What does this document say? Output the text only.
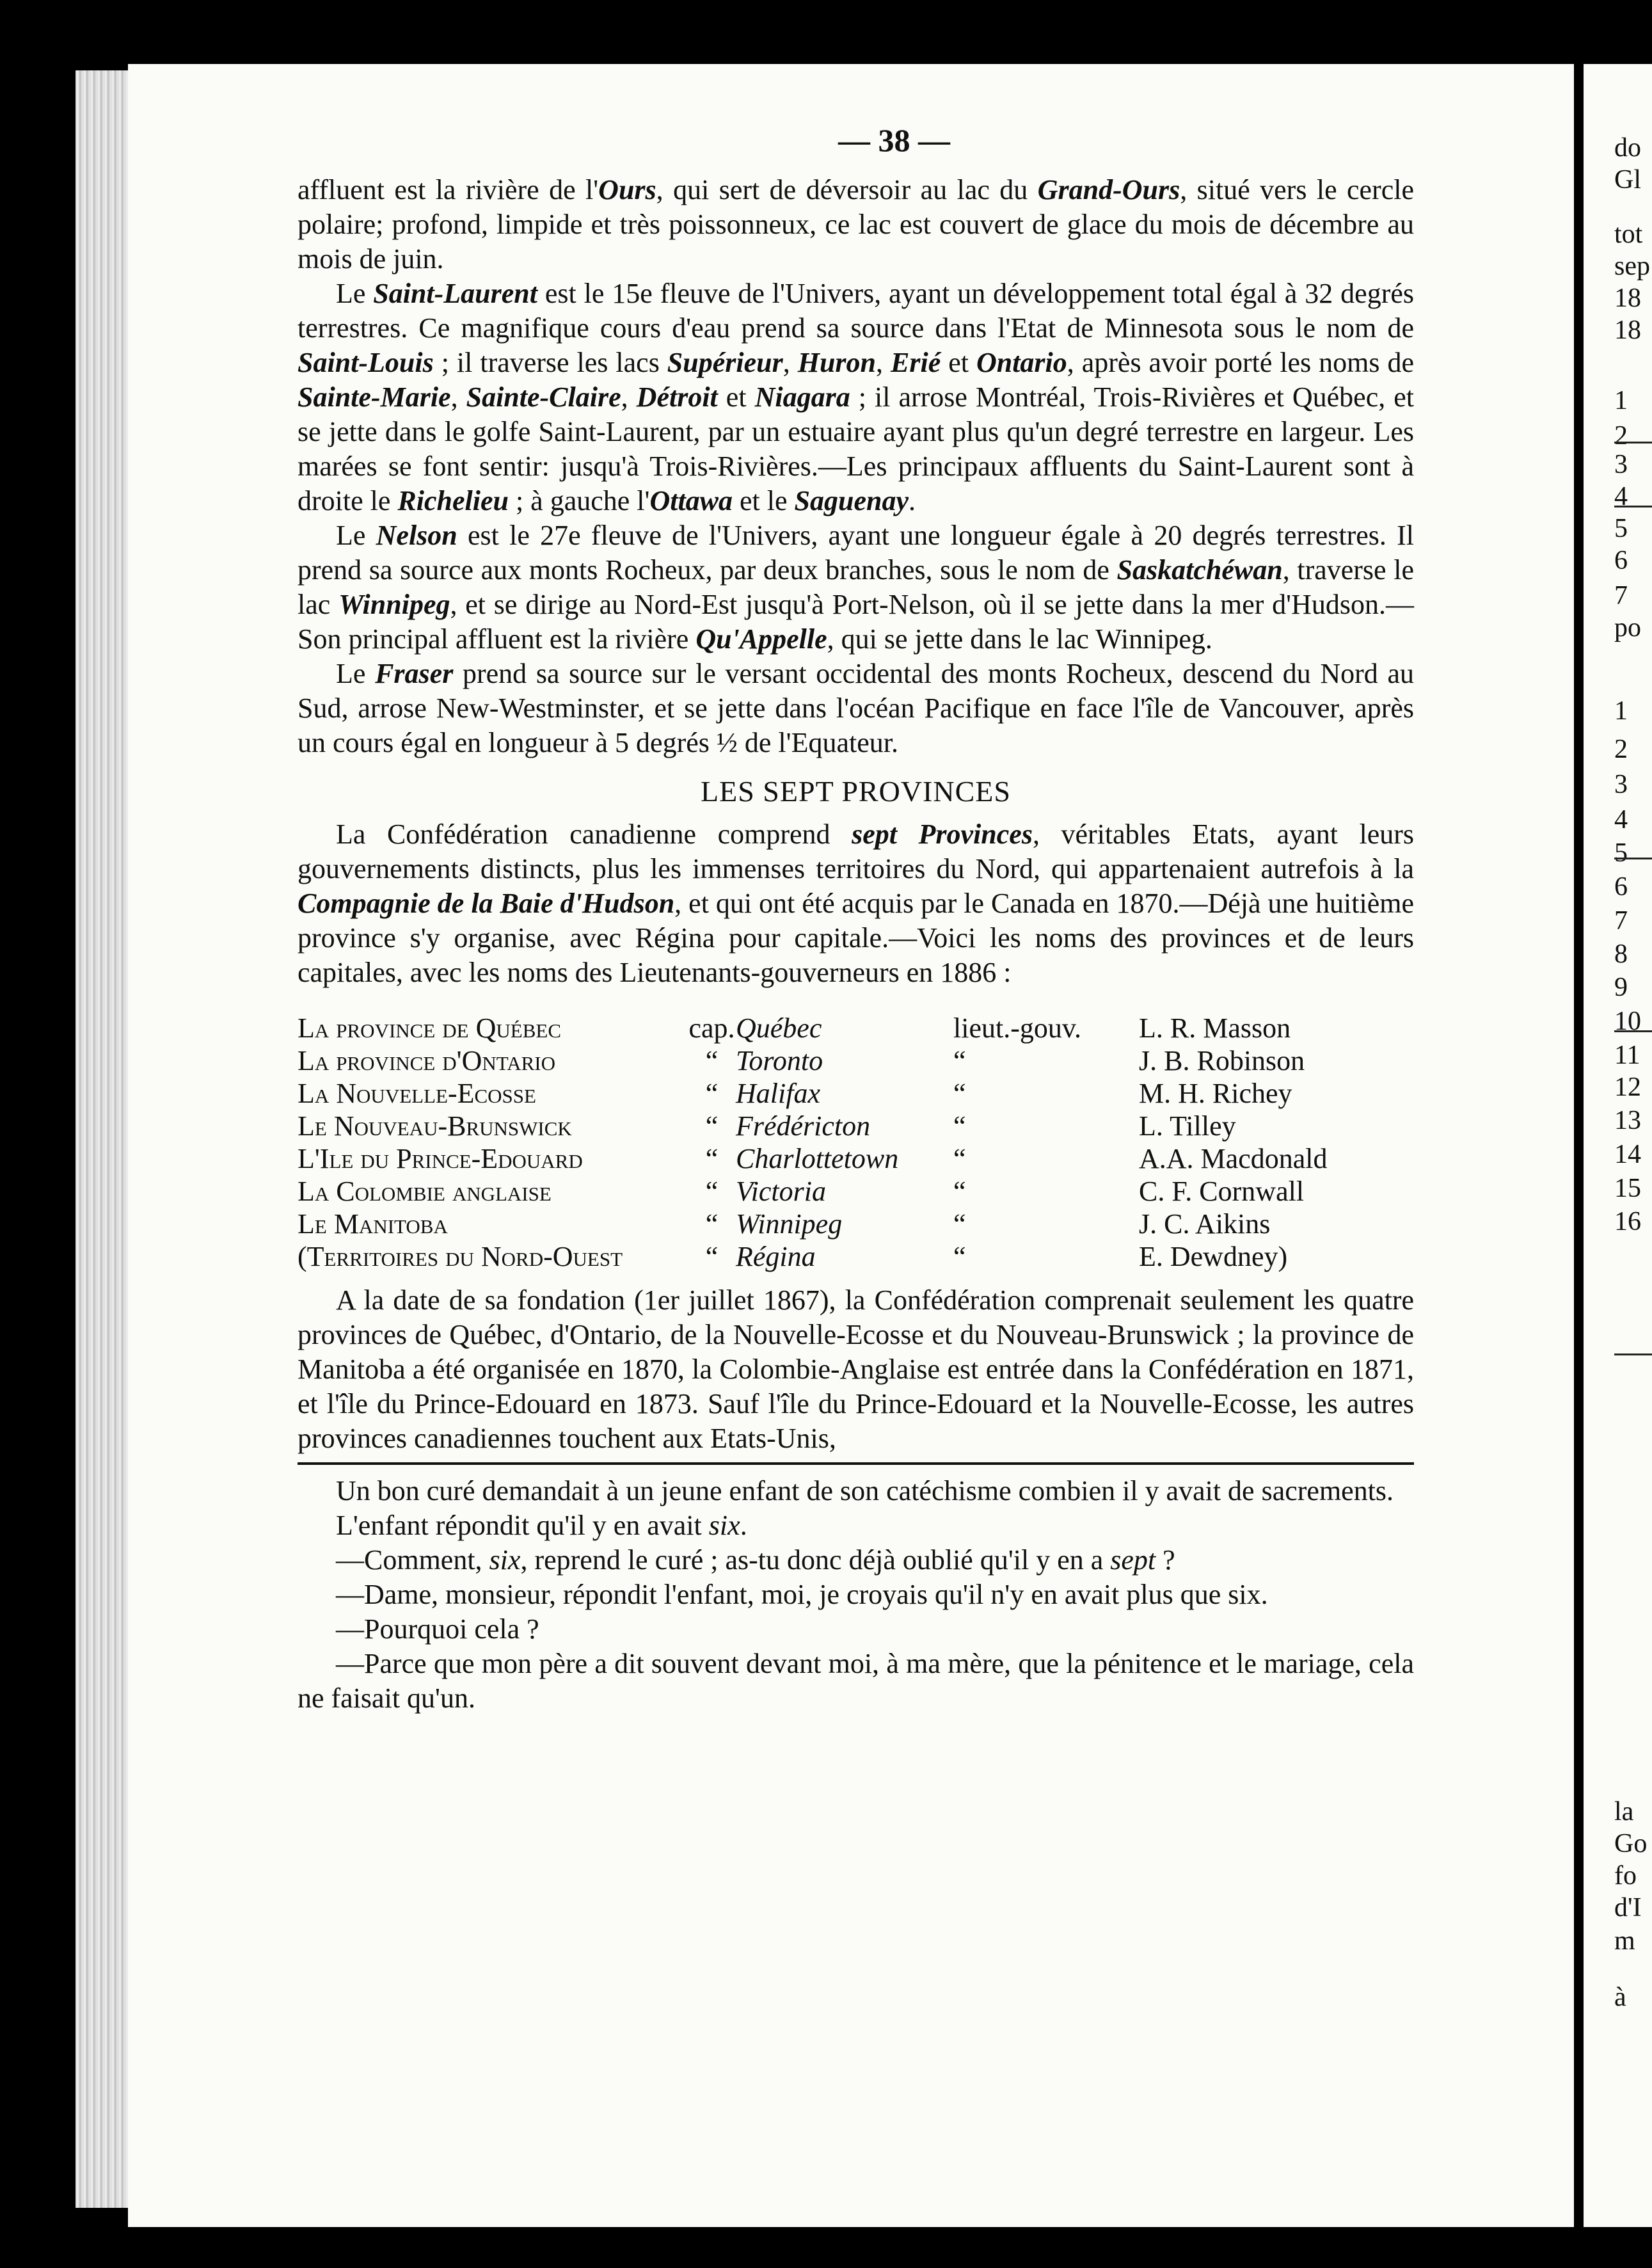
— 38 —

affluent est la rivière de l'Ours, qui sert de déversoir au lac du Grand-Ours, situé vers le cercle polaire; profond, limpide et très poissonneux, ce lac est couvert de glace du mois de décembre au mois de juin.

Le Saint-Laurent est le 15e fleuve de l'Univers, ayant un développement total égal à 32 degrés terrestres. Ce magnifique cours d'eau prend sa source dans l'Etat de Minnesota sous le nom de Saint-Louis ; il traverse les lacs Supérieur, Huron, Erié et Ontario, après avoir porté les noms de Sainte-Marie, Sainte-Claire, Détroit et Niagara ; il arrose Montréal, Trois-Rivières et Québec, et se jette dans le golfe Saint-Laurent, par un estuaire ayant plus qu'un degré terrestre en largeur. Les marées se font sentir: jusqu'à Trois-Rivières.—Les principaux affluents du Saint-Laurent sont à droite le Richelieu ; à gauche l'Ottawa et le Saguenay.

Le Nelson est le 27e fleuve de l'Univers, ayant une longueur égale à 20 degrés terrestres. Il prend sa source aux monts Rocheux, par deux branches, sous le nom de Saskatchéwan, traverse le lac Winnipeg, et se dirige au Nord-Est jusqu'à Port-Nelson, où il se jette dans la mer d'Hudson.—Son principal affluent est la rivière Qu'Appelle, qui se jette dans le lac Winnipeg.

Le Fraser prend sa source sur le versant occidental des monts Rocheux, descend du Nord au Sud, arrose New-Westminster, et se jette dans l'océan Pacifique en face l'île de Vancouver, après un cours égal en longueur à 5 degrés ½ de l'Equateur.

LES SEPT PROVINCES

La Confédération canadienne comprend sept Provinces, véritables Etats, ayant leurs gouvernements distincts, plus les immenses territoires du Nord, qui appartenaient autrefois à la Compagnie de la Baie d'Hudson, et qui ont été acquis par le Canada en 1870.—Déjà une huitième province s'y organise, avec Régina pour capitale.—Voici les noms des provinces et de leurs capitales, avec les noms des Lieutenants-gouverneurs en 1886 :

La province de Québec	cap.	Québec	lieut.-gouv.	L. R. Masson
La province d'Ontario	“	Toronto	“	J. B. Robinson
La Nouvelle-Ecosse	“	Halifax	“	M. H. Richey
Le Nouveau-Brunswick	“	Frédéricton	“	L. Tilley
L'Ile du Prince-Edouard	“	Charlottetown	“	A.A. Macdonald
La Colombie anglaise	“	Victoria	“	C. F. Cornwall
Le Manitoba	“	Winnipeg	“	J. C. Aikins
(Territoires du Nord-Ouest	“	Régina	“	E. Dewdney)

A la date de sa fondation (1er juillet 1867), la Confédération comprenait seulement les quatre provinces de Québec, d'Ontario, de la Nouvelle-Ecosse et du Nouveau-Brunswick ; la province de Manitoba a été organisée en 1870, la Colombie-Anglaise est entrée dans la Confédération en 1871, et l'île du Prince-Edouard en 1873. Sauf l'île du Prince-Edouard et la Nouvelle-Ecosse, les autres provinces canadiennes touchent aux Etats-Unis,

Un bon curé demandait à un jeune enfant de son catéchisme combien il y avait de sacrements.

L'enfant répondit qu'il y en avait six.

—Comment, six, reprend le curé ; as-tu donc déjà oublié qu'il y en a sept ?

—Dame, monsieur, répondit l'enfant, moi, je croyais qu'il n'y en avait plus que six.

—Pourquoi cela ?

—Parce que mon père a dit souvent devant moi, à ma mère, que la pénitence et le mariage, cela ne faisait qu'un.

do
Gl
tot
sep
18
18
1
2
3
4
5
6
7
po
1
2
3
4
5
6
7
8
9
10
11
12
13
14
15
16
la
Go
fo
d'I
m
à
